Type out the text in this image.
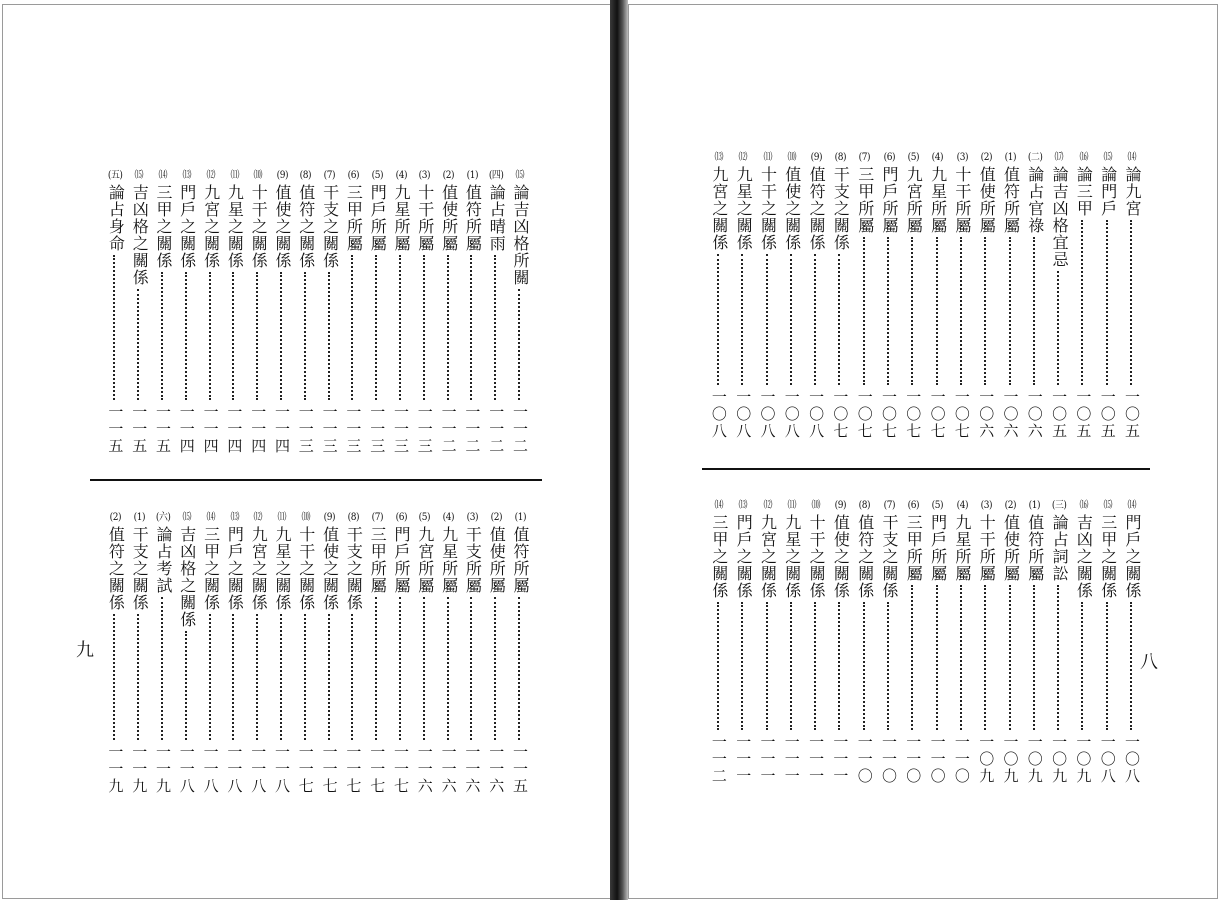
九
八
⒂
論吉凶格所關
一一二
(四)
論占晴雨
一一二
(1)
值符所屬
一一二
(2)
值使所屬
一一二
(3)
十干所屬
一一三
(4)
九星所屬
一一三
(5)
門戶所屬
一一三
(6)
三甲所屬
一一三
(7)
干支之關係
一一三
(8)
值符之關係
一一三
(9)
值使之關係
一一四
⑽
十干之關係
一一四
⑾
九星之關係
一一四
⑿
九宮之關係
一一四
⒀
門戶之關係
一一四
⒁
三甲之關係
一一五
⒂
吉凶格之關係
一一五
(五)
論占身命
一一五
(1)
值符所屬
一一五
(2)
值使所屬
一一六
(3)
干支所屬
一一六
(4)
九星所屬
一一六
(5)
九宮所屬
一一六
(6)
門戶所屬
一一七
(7)
三甲所屬
一一七
(8)
干支之關係
一一七
(9)
值使之關係
一一七
⑽
十干之關係
一一七
⑾
九星之關係
一一八
⑿
九宮之關係
一一八
⒀
門戶之關係
一一八
⒁
三甲之關係
一一八
⒂
吉凶格之關係
一一八
(六)
論占考試
一一九
(1)
干支之關係
一一九
(2)
值符之關係
一一九
⒁
論九宮
一〇五
⒂
論門戶
一〇五
⒃
論三甲
一〇五
⒄
論吉凶格宜忌
一〇五
(二)
論占官祿
一〇六
(1)
值符所屬
一〇六
(2)
值使所屬
一〇六
(3)
十干所屬
一〇七
(4)
九星所屬
一〇七
(5)
九宮所屬
一〇七
(6)
門戶所屬
一〇七
(7)
三甲所屬
一〇七
(8)
干支之關係
一〇七
(9)
值符之關係
一〇八
⑽
值使之關係
一〇八
⑾
十干之關係
一〇八
⑿
九星之關係
一〇八
⒀
九宮之關係
一〇八
⒁
門戶之關係
一〇八
⒂
三甲之關係
一〇八
⒃
吉凶之關係
一〇九
(三)
論占詞訟
一〇九
(1)
值符所屬
一〇九
(2)
值使所屬
一〇九
(3)
十干所屬
一〇九
(4)
九星所屬
一一〇
(5)
門戶所屬
一一〇
(6)
三甲所屬
一一〇
(7)
干支之關係
一一〇
(8)
值符之關係
一一〇
(9)
值使之關係
一一一
⑽
十干之關係
一一一
⑾
九星之關係
一一一
⑿
九宮之關係
一一一
⒀
門戶之關係
一一一
⒁
三甲之關係
一一二
